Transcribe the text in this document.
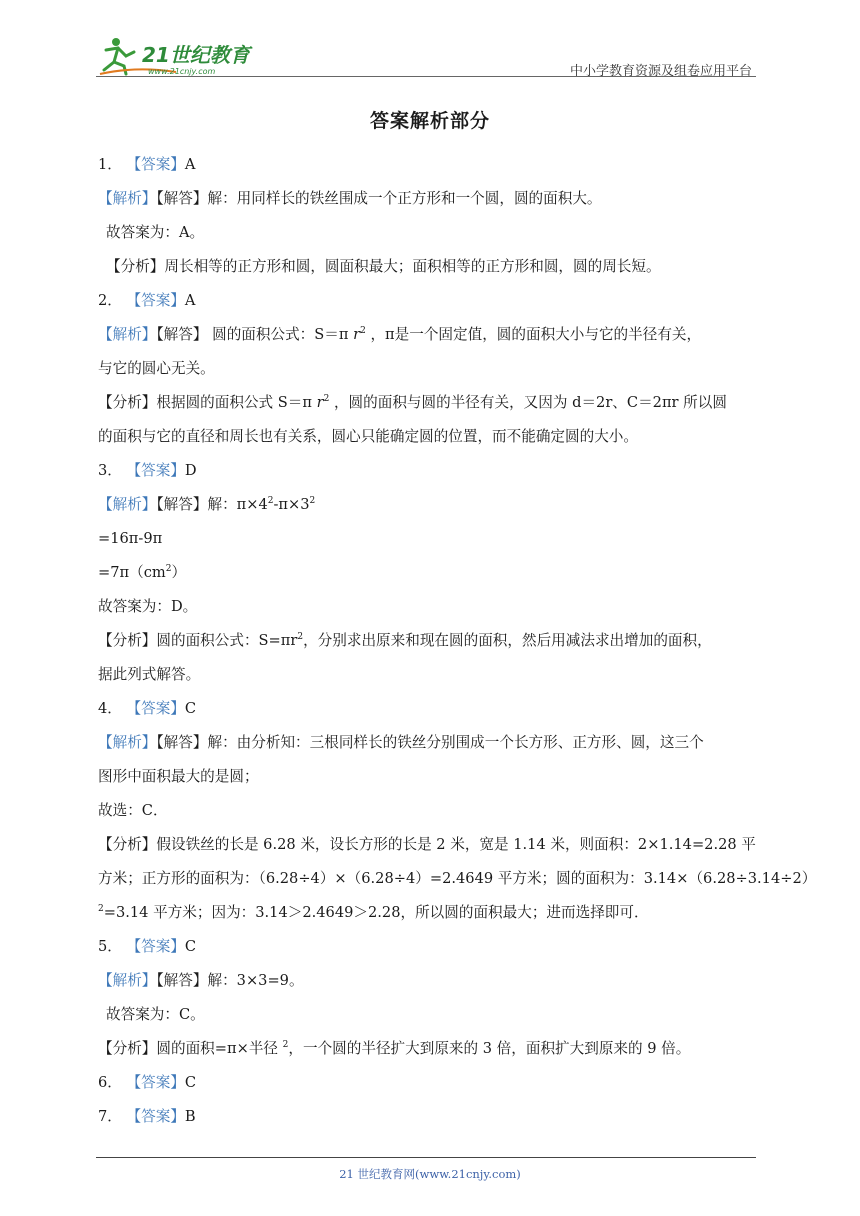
21世纪教育
www.21cnjy.com	中小学教育资源及组卷应用平台
答案解析部分
1． 【答案】A
【解析】【解答】解：用同样长的铁丝围成一个正方形和一个圆，圆的面积大。
故答案为：A。
【分析】周长相等的正方形和圆，圆面积最大；面积相等的正方形和圆，圆的周长短。
2． 【答案】A
【解析】【解答】 圆的面积公式：S＝π $r^2$ ，π是一个固定值，圆的面积大小与它的半径有关，
与它的圆心无关。
【分析】根据圆的面积公式 S＝π $r^2$ ，圆的面积与圆的半径有关，又因为 d＝2r、C＝2πr 所以圆
的面积与它的直径和周长也有关系，圆心只能确定圆的位置，而不能确定圆的大小。
3． 【答案】D
【解析】【解答】解：$\pi\times 4^2-\pi\times 3^2$
=16π-9π
$=7\pi(cm^2)$
故答案为：D。
【分析】圆的面积公式：$S=\pi r^2$，分别求出原来和现在圆的面积，然后用减法求出增加的面积，
据此列式解答。
4． 【答案】C
【解析】【解答】解：由分析知：三根同样长的铁丝分别围成一个长方形、正方形、圆，这三个
图形中面积最大的是圆；
故选：C．
【分析】假设铁丝的长是 6.28 米，设长方形的长是 2 米，宽是 1.14 米，则面积：2×1.14=2.28 平
方米；正方形的面积为：（6.28÷4）×（6.28÷4）=2.4649 平方米；圆的面积为：3.14×（6.28÷3.14÷2）
$^2$=3.14 平方米；因为：3.14＞2.4649＞2.28，所以圆的面积最大；进而选择即可．
5． 【答案】C
【解析】【解答】解：3×3=9。
故答案为：C。
【分析】圆的面积=π×半径 $^2$，一个圆的半径扩大到原来的 3 倍，面积扩大到原来的 9 倍。
6． 【答案】C
7． 【答案】B
21 世纪教育网(www.21cnjy.com)
